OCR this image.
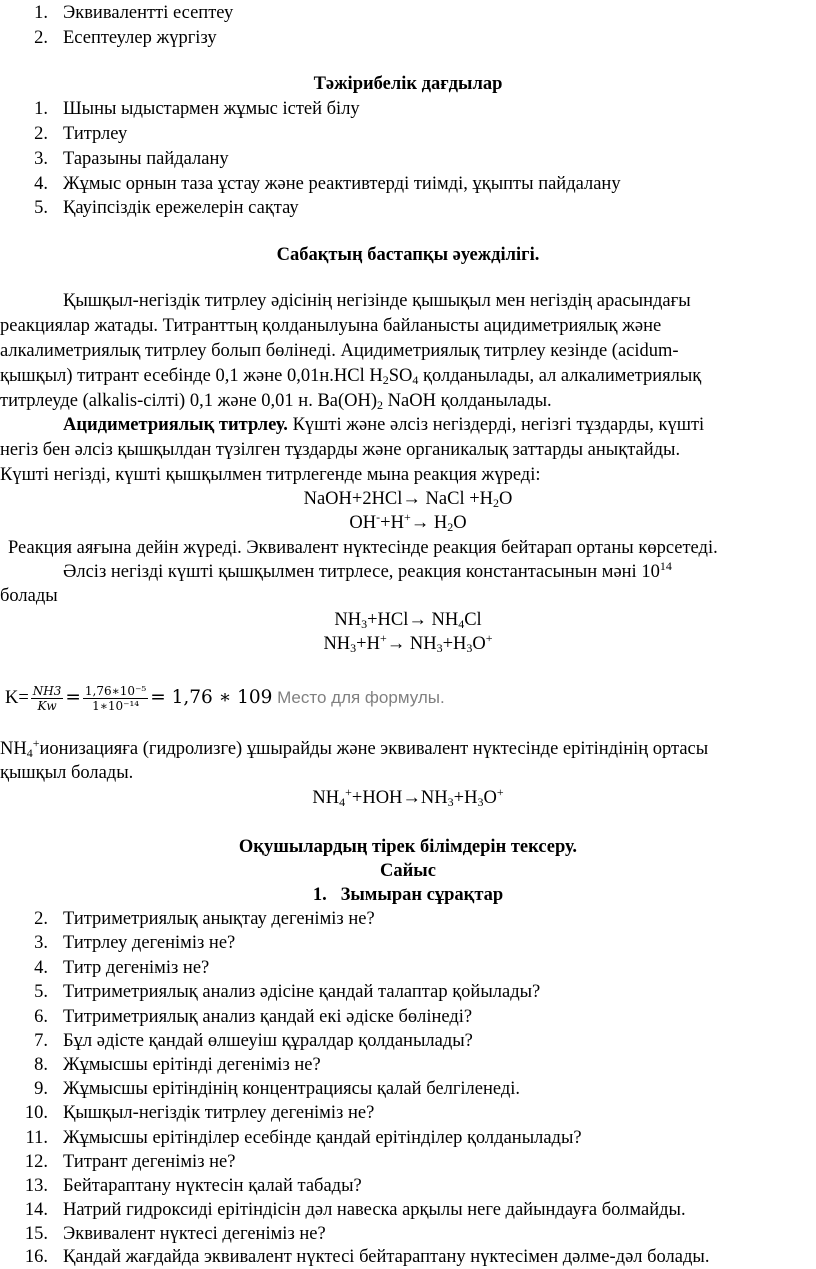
1. Эквиваленттi есептеу
2. Есептеулер жүргiзу
Тәжірибелік дағдылар
1. Шыны ыдыстармен жұмыс істей білу
2. Титрлеу
3. Таразыны пайдалану
4. Жұмыс орнын таза ұстау және реактивтерді тиімді, ұқыпты пайдалану
5. Қауіпсіздік ережелерін сақтау
Сабақтың бастапқы әуежділігі.
Қышқыл-негiздiк титрлеу әдiсiнiң негiзiнде қышықыл мен негiздiң арасындағы
реакциялар жатады. Титранттың қолданылуына байланысты ацидиметриялық және
алкалиметриялық титрлеу болып бөлiнедi. Ацидиметриялық титрлеу кезiнде (acidum-
қышқыл) титрант есебiнде 0,1 және 0,01н.HCl $H_2SO_4$ қолданылады, ал алкалиметриялық
титрлеуде (alkalis-сiлтi) 0,1 және 0,01 н. $Ba(OH)_2$ NaOH қолданылады.
Ацидиметриялық титрлеу. Күшті және әлсіз негіздерді, негізгі тұздарды, күшті
негiз бен әлсiз қышқылдан түзiлген тұздарды және органикалық заттарды анықтайды.
Күшті негізді, күшті қышқылмен титрлегенде мына реакция жүреді:
NaOH+2HCl→ NaCl $+H_2O$
$OH^-+H^+\to H_2O$
Реакция аяғына дейiн жүредi. Эквивалент нүктесiнде реакция бейтарап ортаны көрсетедi.
Әлсiз негiздi күштi қышқылмен титрлесе, реакция константасынын мәнi $10^{14}$
болады
$NH_3+HCl\to NH_4Cl$
$NH_3+H^+\to NH_3+H_3O^+$
$K= \frac{NH3}{Kw} = \frac{\text{1,76∗10⁻⁵}}{\text{1∗10⁻¹⁴}} = 1,76$ ∗ 109 Место для формулы.
$NH_4^+ионизацияға$ (гидролизге) ұшырайды және эквивалент нүктесiнде ерiтiндiнiң ортасы
қышқыл болады.
$NH_4^++HOH\to NH_3+H_3O^+$
Оқушылардың тірек білімдерін тексеру.
Сайыс
1. Зымыран сұрақтар
2. Титриметриялық анықтау дегеніміз не?
3. Титрлеу дегеніміз не?
4. Титр дегеніміз не?
5. Титриметриялық анализ әдісіне қандай талаптар қойылады?
6. Титриметриялық анализ қандай екі әдіске бөлінеді?
7. Бұл әдісте қандай өлшеуіш құралдар қолданылады?
8. Жұмысшы ерітінді дегеніміз не?
9. Жұмысшы ерітіндінің концентрациясы қалай белгіленеді.
10. Қышқыл-негіздік титрлеу дегеніміз не?
11. Жұмысшы ерітінділер есебінде қандай ерітінділер қолданылады?
12. Титрант дегеніміз не?
13. Бейтараптану нүктесін қалай табады?
14. Натрий гидроксиді ерітіндісін дәл навеска арқылы неге дайындауға болмайды.
15. Эквивалент нүктесі дегеніміз не?
16. Қандай жағдайда эквивалент нүктесі бейтараптану нүктесімен дәлме-дәл болады.
